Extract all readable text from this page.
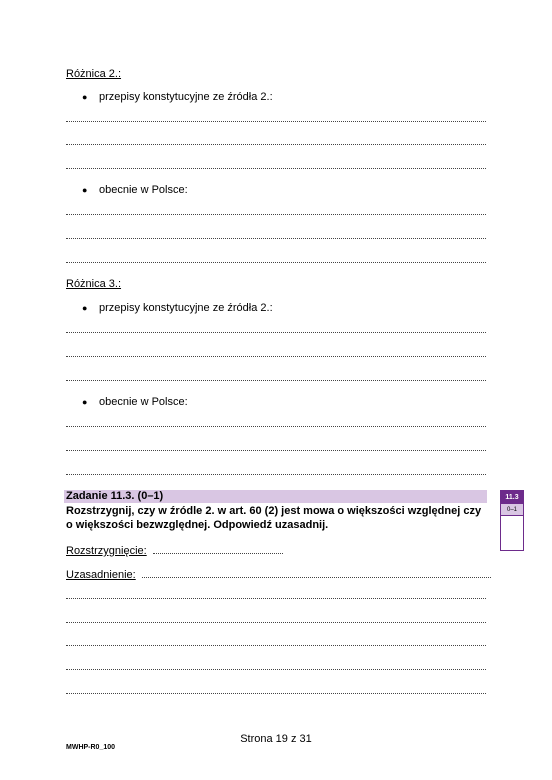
Różnica 2.:
●	przepisy konstytucyjne ze źródła 2.:
●	obecnie w Polsce:
Różnica 3.:
●	przepisy konstytucyjne ze źródła 2.:
●	obecnie w Polsce:
Zadanie 11.3. (0–1)
Rozstrzygnij, czy w źródle 2. w art. 60 (2) jest mowa o większości względnej czy
o większości bezwzględnej. Odpowiedź uzasadnij.
11.3
0–1
Rozstrzygnięcie:
Uzasadnienie:
Strona 19 z 31
MWHP-R0_100
